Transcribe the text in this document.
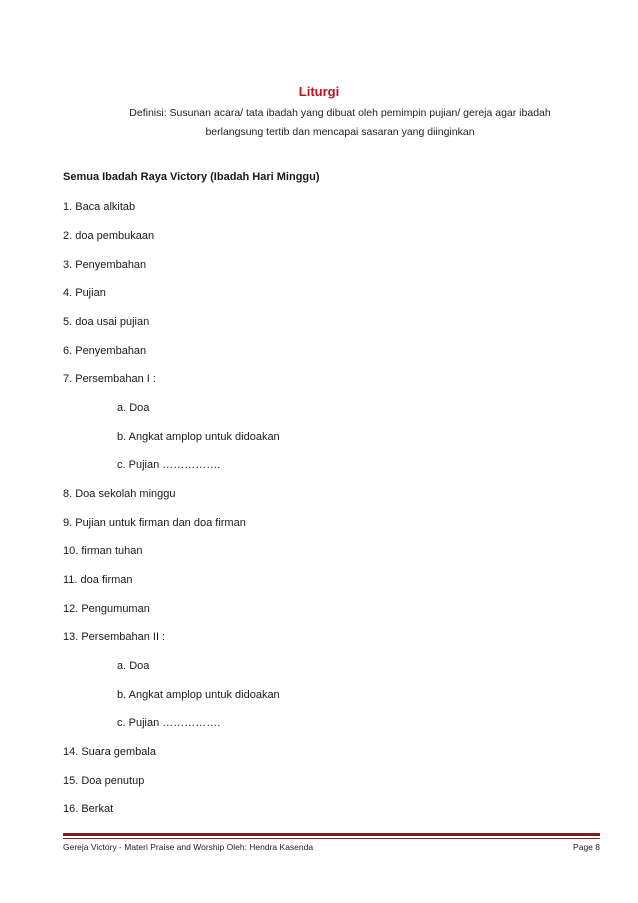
Liturgi
Definisi: Susunan acara/ tata ibadah yang dibuat oleh pemimpin pujian/ gereja agar ibadah
berlangsung tertib dan mencapai sasaran yang diinginkan
Semua Ibadah Raya Victory (Ibadah Hari Minggu)
1. Baca alkitab
2. doa pembukaan
3. Penyembahan
4. Pujian
5. doa usai pujian
6. Penyembahan
7. Persembahan I :
a. Doa
b. Angkat amplop untuk didoakan
c. Pujian …………….
8. Doa sekolah minggu
9. Pujian untuk firman dan doa firman
10. firman tuhan
11. doa firman
12. Pengumuman
13. Persembahan II :
a. Doa
b. Angkat amplop untuk didoakan
c. Pujian …………….
14. Suara gembala
15. Doa penutup
16. Berkat
Gereja Victory - Materi Praise and Worship Oleh: Hendra Kasenda	Page 8
